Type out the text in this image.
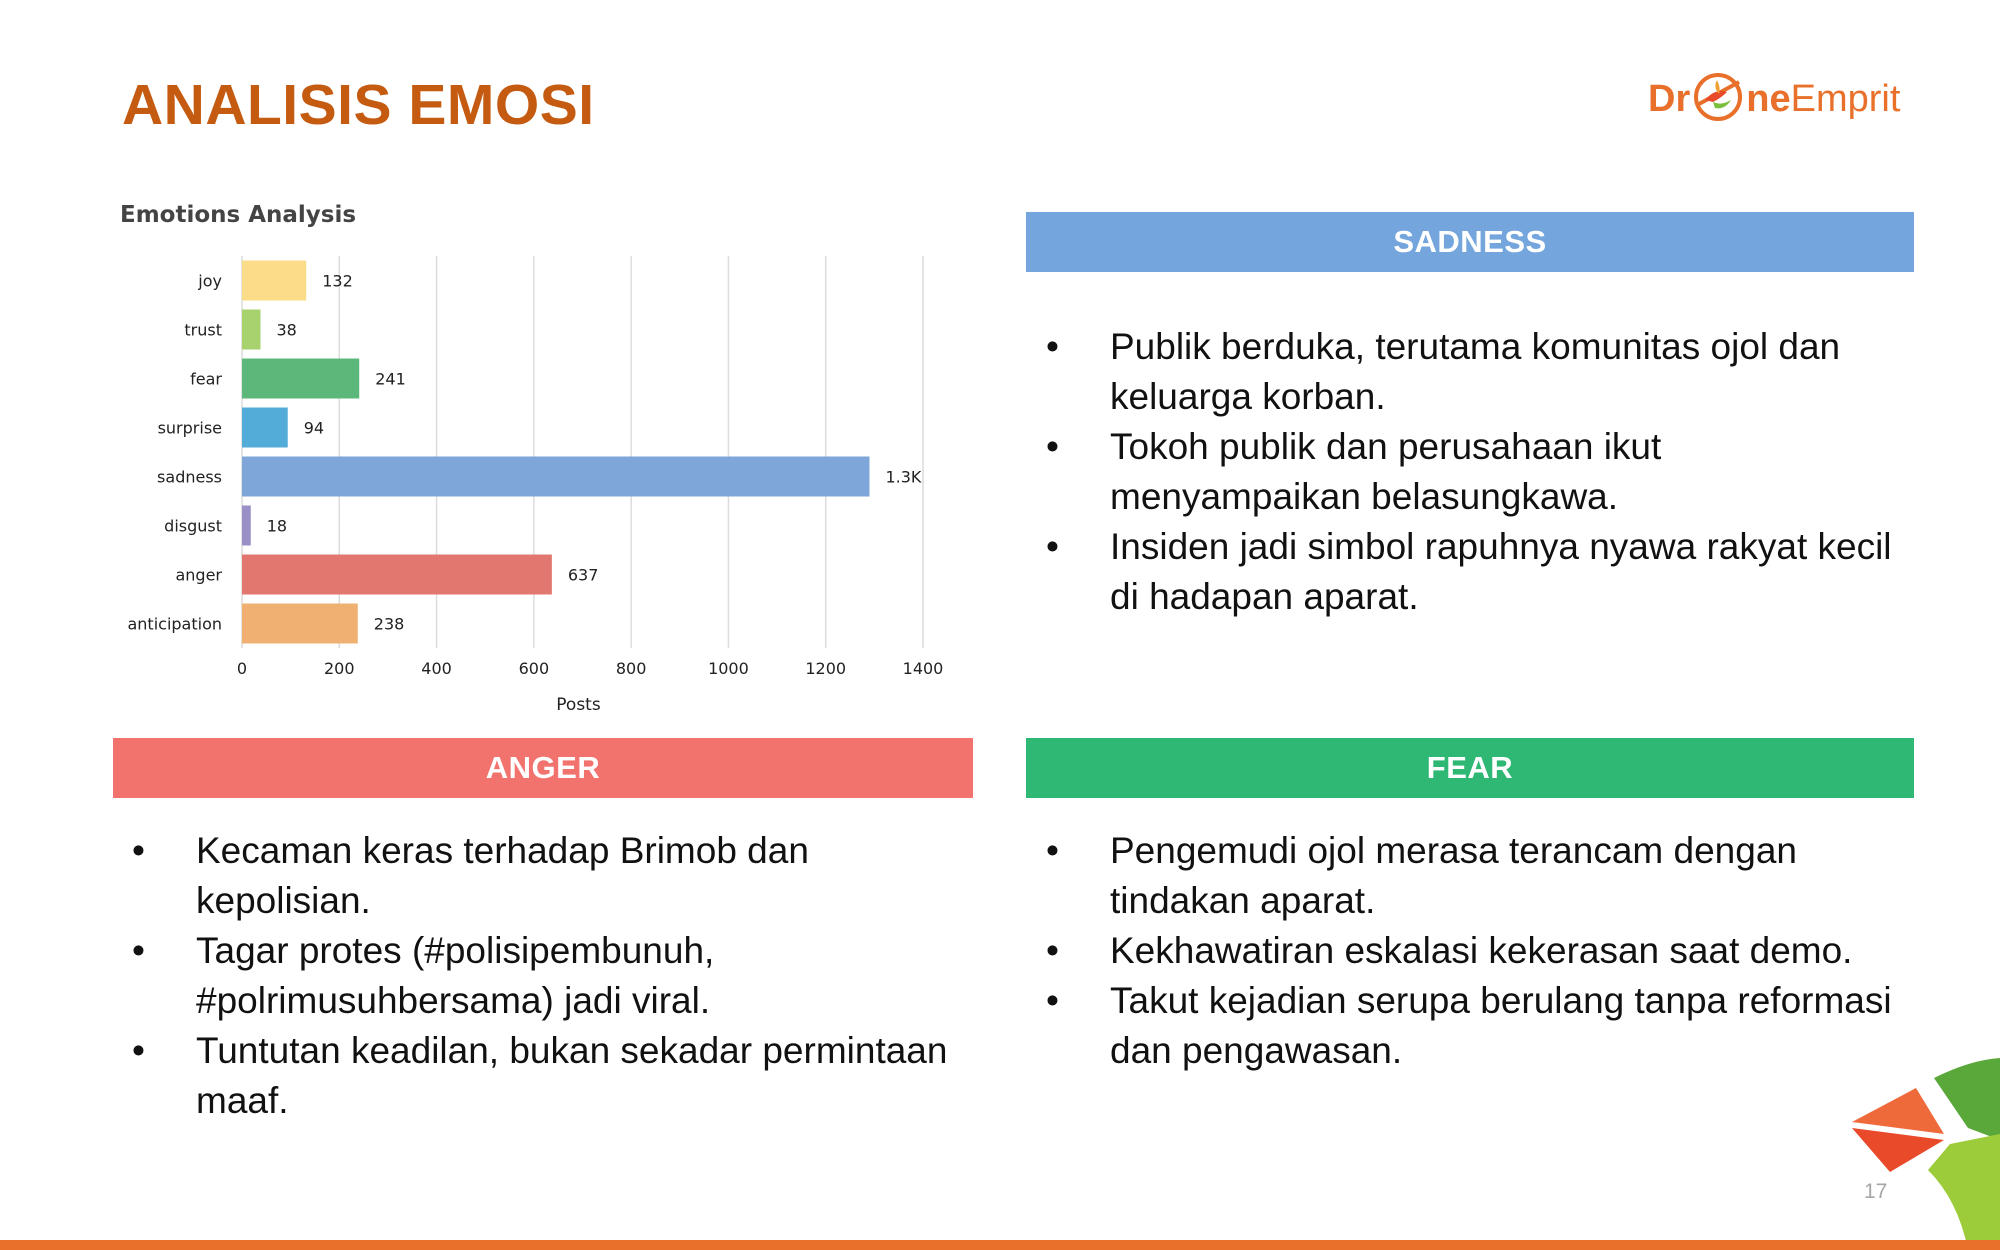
ANALISIS EMOSI	Dr neEmprit
Emotions Analysis
0	200	400	600	800	1000	1200	1400
joy	132
trust	38
fear	241
surprise	94
sadness	1.3K
disgust	18
anger	637
anticipation	238
Posts
SADNESS
• Publik berduka, terutama komunitas ojol dan keluarga korban.
• Tokoh publik dan perusahaan ikut menyampaikan belasungkawa.
• Insiden jadi simbol rapuhnya nyawa rakyat kecil di hadapan aparat.
ANGER
• Kecaman keras terhadap Brimob dan kepolisian.
• Tagar protes (#polisipembunuh, #polrimusuhbersama) jadi viral.
• Tuntutan keadilan, bukan sekadar permintaan maaf.
FEAR
• Pengemudi ojol merasa terancam dengan tindakan aparat.
• Kekhawatiran eskalasi kekerasan saat demo.
• Takut kejadian serupa berulang tanpa reformasi dan pengawasan.
17
